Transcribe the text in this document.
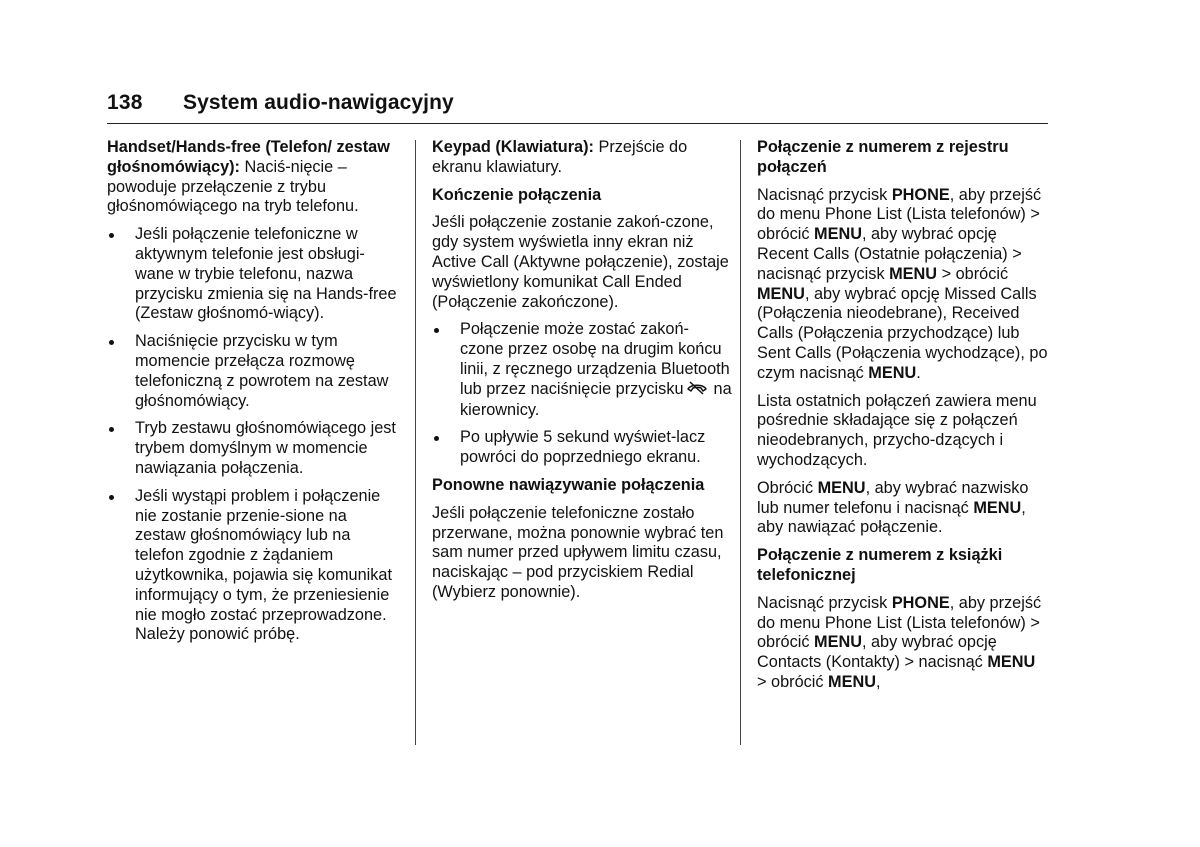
138 System audio-nawigacyjny

Handset/Hands-free (Telefon/ zestaw głośnomówiący): Naciś-nięcie – powoduje przełączenie z trybu głośnomówiącego na tryb telefonu.

Jeśli połączenie telefoniczne w aktywnym telefonie jest obsługi-wane w trybie telefonu, nazwa przycisku zmienia się na Hands-free (Zestaw głośnomó-wiący).
Naciśnięcie przycisku w tym momencie przełącza rozmowę telefoniczną z powrotem na zestaw głośnomówiący.
Tryb zestawu głośnomówiącego jest trybem domyślnym w momencie nawiązania połączenia.
Jeśli wystąpi problem i połączenie nie zostanie przenie-sione na zestaw głośnomówiący lub na telefon zgodnie z żądaniem użytkownika, pojawia się komunikat informujący o tym, że przeniesienie nie mogło zostać przeprowadzone. Należy ponowić próbę.

Keypad (Klawiatura): Przejście do ekranu klawiatury.

Kończenie połączenia

Jeśli połączenie zostanie zakoń-czone, gdy system wyświetla inny ekran niż Active Call (Aktywne połączenie), zostaje wyświetlony komunikat Call Ended (Połączenie zakończone).

Połączenie może zostać zakoń-czone przez osobę na drugim końcu linii, z ręcznego urządzenia Bluetooth lub przez naciśnięcie przycisku na kierownicy.
Po upływie 5 sekund wyświet-lacz powróci do poprzedniego ekranu.
Ponowne nawiązywanie połączenia

Jeśli połączenie telefoniczne zostało przerwane, można ponownie wybrać ten sam numer przed upływem limitu czasu, naciskając – pod przyciskiem Redial (Wybierz ponownie).

Połączenie z numerem z rejestru połączeń

Nacisnąć przycisk PHONE, aby przejść do menu Phone List (Lista telefonów) > obrócić MENU, aby wybrać opcję Recent Calls (Ostatnie połączenia) > nacisnąć przycisk MENU > obrócić MENU, aby wybrać opcję Missed Calls (Połączenia nieodebrane), Received Calls (Połączenia przychodzące) lub Sent Calls (Połączenia wychodzące), po czym nacisnąć MENU.

Lista ostatnich połączeń zawiera menu pośrednie składające się z połączeń nieodebranych, przycho-dzących i wychodzących.

Obrócić MENU, aby wybrać nazwisko lub numer telefonu i nacisnąć MENU, aby nawiązać połączenie.

Połączenie z numerem z książki telefonicznej

Nacisnąć przycisk PHONE, aby przejść do menu Phone List (Lista telefonów) > obrócić MENU, aby wybrać opcję Contacts (Kontakty) > nacisnąć MENU > obrócić MENU,
